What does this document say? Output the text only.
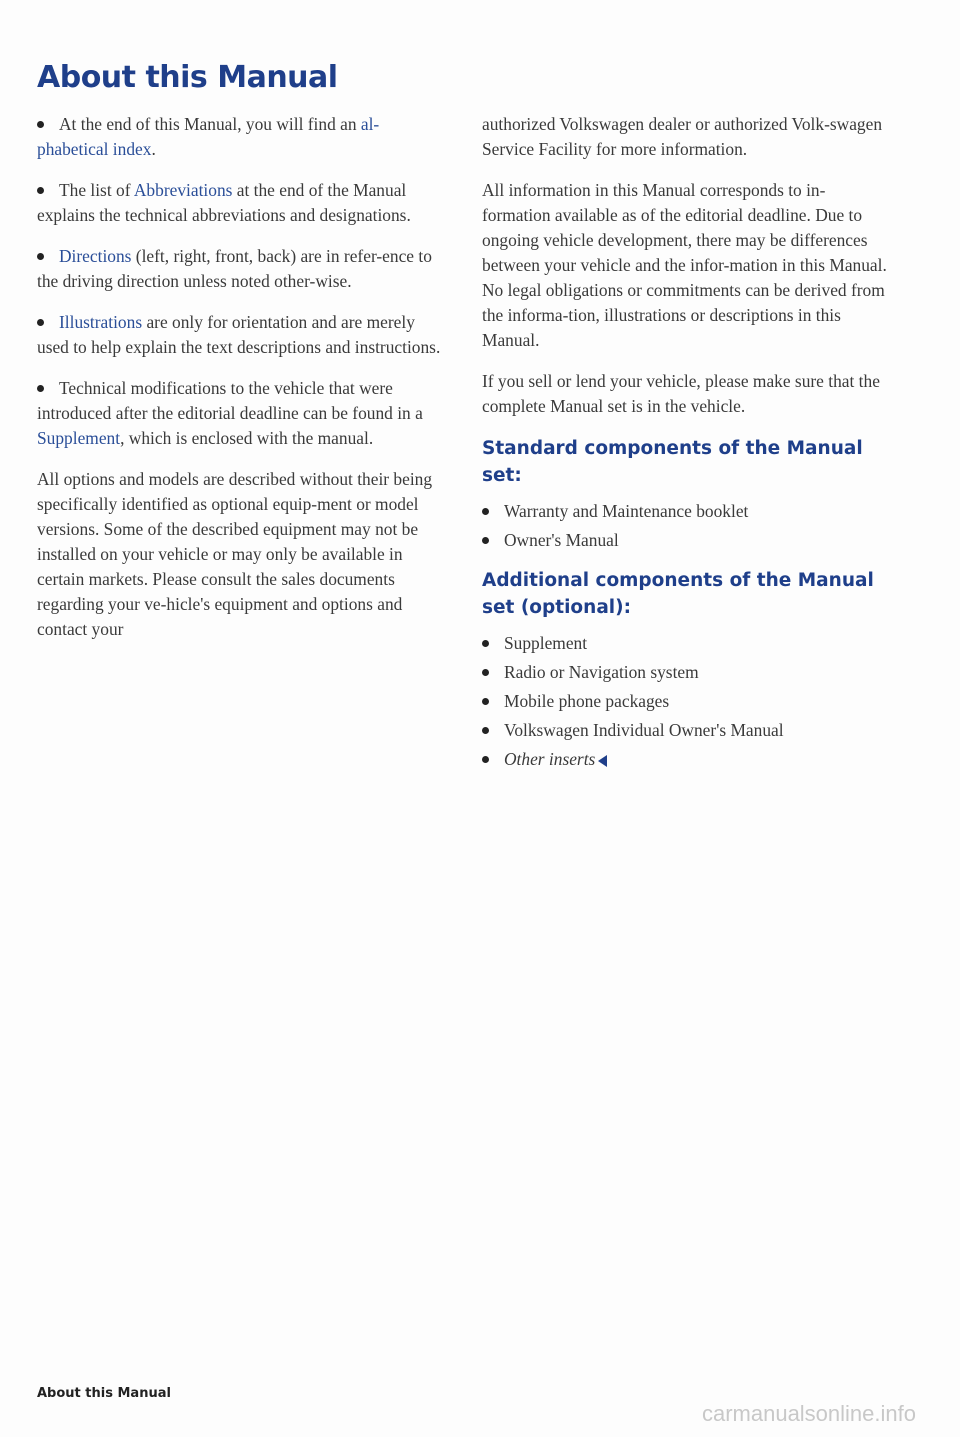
About this Manual

At the end of this Manual, you will find an al-phabetical index.

The list of Abbreviations at the end of the Manual explains the technical abbreviations and designations.

Directions (left, right, front, back) are in refer-ence to the driving direction unless noted other-wise.

Illustrations are only for orientation and are merely used to help explain the text descriptions and instructions.

Technical modifications to the vehicle that were introduced after the editorial deadline can be found in a Supplement, which is enclosed with the manual.

All options and models are described without their being specifically identified as optional equip-ment or model versions. Some of the described equipment may not be installed on your vehicle or may only be available in certain markets. Please consult the sales documents regarding your ve-hicle's equipment and options and contact your

authorized Volkswagen dealer or authorized Volk-swagen Service Facility for more information.

All information in this Manual corresponds to in-formation available as of the editorial deadline. Due to ongoing vehicle development, there may be differences between your vehicle and the infor-mation in this Manual. No legal obligations or commitments can be derived from the informa-tion, illustrations or descriptions in this Manual.

If you sell or lend your vehicle, please make sure that the complete Manual set is in the vehicle.

Standard components of the Manual set:
Warranty and Maintenance booklet
Owner's Manual
Additional components of the Manual set (optional):
Supplement
Radio or Navigation system
Mobile phone packages
Volkswagen Individual Owner's Manual
Other inserts
About this Manual
carmanualsonline.info
